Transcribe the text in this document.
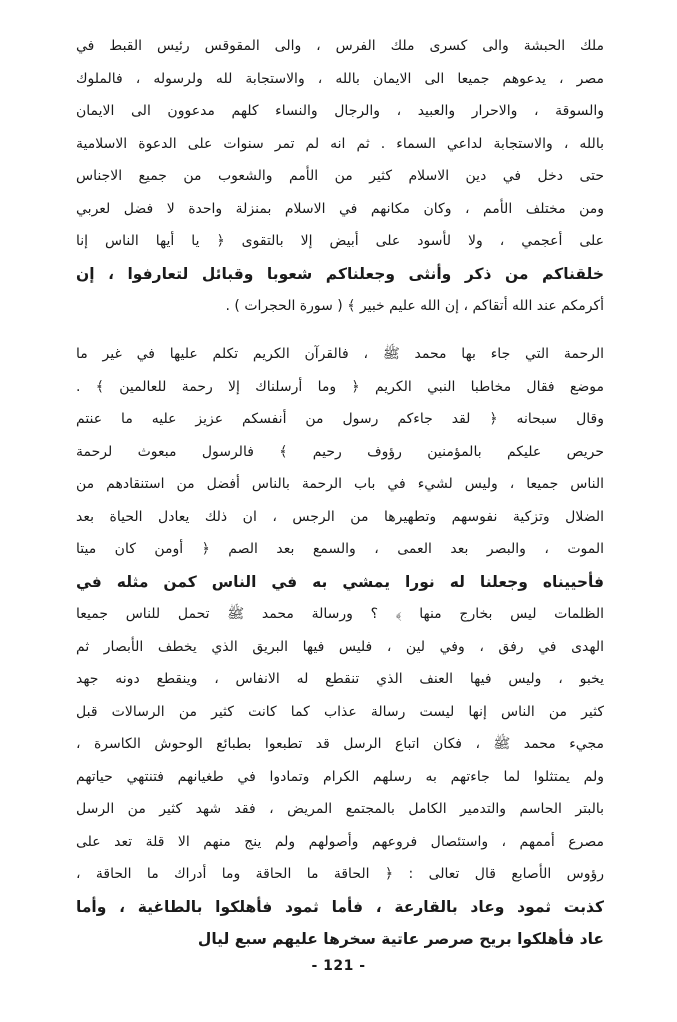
ملك الحبشة والى كسرى ملك الفرس ، والى المقوقس رئيس القبط في
مصر ، يدعوهم جميعا الى الايمان بالله ، والاستجابة لله ولرسوله ، فالملوك
والسوقة ، والاحرار والعبيد ، والرجال والنساء كلهم مدعوون الى الايمان
بالله ، والاستجابة لداعي السماء . ثم انه لم تمر سنوات على الدعوة الاسلامية
حتى دخل في دين الاسلام كثير من الأمم والشعوب من جميع الاجناس
ومن مختلف الأمم ، وكان مكانهم في الاسلام بمنزلة واحدة لا فضل لعربي
على أعجمي ، ولا لأسود على أبيض إلا بالتقوى ﴿ يا أيها الناس إنا
خلقناكم من ذكر وأنثى وجعلناكم شعوبا وقبائل لتعارفوا ، إن
أكرمكم عند الله أتقاكم ، إن الله عليم خبير ﴾ ( سورة الحجرات ) .
الرحمة التي جاء بها محمد ﷺ ، فالقرآن الكريم تكلم عليها في غير ما
موضع فقال مخاطبا النبي الكريم ﴿ وما أرسلناك إلا رحمة للعالمين ﴾ .
وقال سبحانه ﴿ لقد جاءكم رسول من أنفسكم عزيز عليه ما عنتم
حريص عليكم بالمؤمنين رؤوف رحيم ﴾ فالرسول مبعوث لرحمة
الناس جميعا ، وليس لشيء في باب الرحمة بالناس أفضل من استنقادهم من
الضلال وتزكية نفوسهم وتطهيرها من الرجس ، ان ذلك يعادل الحياة بعد
الموت ، والبصر بعد العمى ، والسمع بعد الصم ﴿ أومن كان ميتا
فأحييناه وجعلنا له نورا يمشي به في الناس كمن مثله في
الظلمات ليس بخارج منها ﴾ ؟ ورسالة محمد ﷺ تحمل للناس جميعا
الهدى في رفق ، وفي لين ، فليس فيها البريق الذي يخطف الأبصار ثم
يخبو ، وليس فيها العنف الذي تنقطع له الانفاس ، وينقطع دونه جهد
كثير من الناس إنها ليست رسالة عذاب كما كانت كثير من الرسالات قبل
مجيء محمد ﷺ ، فكان اتباع الرسل قد تطبعوا بطبائع الوحوش الكاسرة ،
ولم يمتثلوا لما جاءتهم به رسلهم الكرام وتمادوا في طغيانهم فتنتهي حياتهم
بالبتر الحاسم والتدمير الكامل بالمجتمع المريض ، فقد شهد كثير من الرسل
مصرع أممهم ، واستئصال فروعهم وأصولهم ولم ينج منهم الا قلة تعد على
رؤوس الأصابع قال تعالى : ﴿ الحاقة ما الحاقة وما أدراك ما الحاقة ،
كذبت ثمود وعاد بالقارعة ، فأما ثمود فأهلكوا بالطاغية ، وأما
عاد فأهلكوا بريح صرصر عاتية سخرها عليهم سبع ليال
- 121 -
